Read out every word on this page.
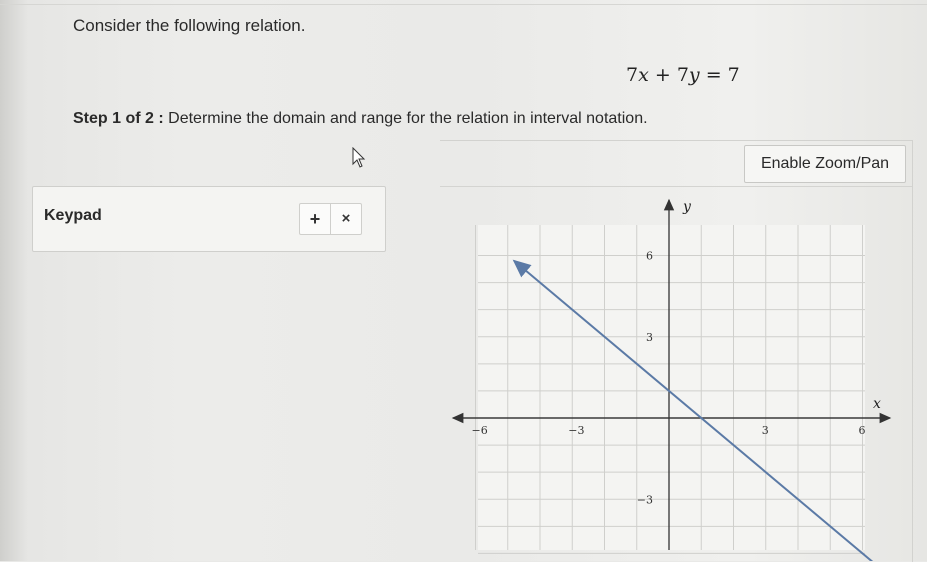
Consider the following relation.
7x + 7y = 7
Step 1 of 2 : Determine the domain and range for the relation in interval notation.
Enable Zoom/Pan
Keypad	+	×
x
y
−6	−3	3	6
6
3
−3
